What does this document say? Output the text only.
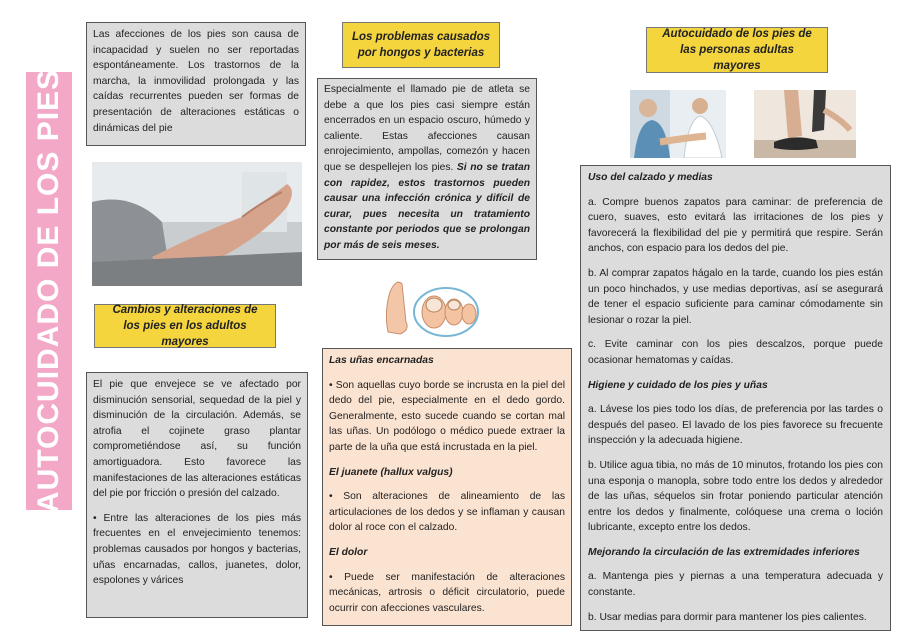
AUTOCUIDADO DE LOS PIES

Las afecciones de los pies son causa de incapacidad y suelen no ser reportadas espontáneamente. Los trastornos de la marcha, la inmovilidad prolongada y las caídas recurrentes pueden ser formas de presentación de alteraciones estáticas o dinámicas del pie

Cambios y alteraciones de los pies en los adultos mayores

El pie que envejece se ve afectado por disminución sensorial, sequedad de la piel y disminución de la circulación. Además, se atrofia el cojinete graso plantar comprometiéndose así, su función amortiguadora. Esto favorece las manifestaciones de las alteraciones estáticas del pie por fricción o presión del calzado.

• Entre las alteraciones de los pies más frecuentes en el envejecimiento tenemos: problemas causados por hongos y bacterias, uñas encarnadas, callos, juanetes, dolor, espolones y várices

Los problemas causados por hongos y bacterias

Especialmente el llamado pie de atleta se debe a que los pies casi siempre están encerrados en un espacio oscuro, húmedo y caliente. Estas afecciones causan enrojecimiento, ampollas, comezón y hacen que se despellejen los pies. Si no se tratan con rapidez, estos trastornos pueden causar una infección crónica y difícil de curar, pues necesita un tratamiento constante por periodos que se prolongan por más de seis meses.

Las uñas encarnadas

• Son aquellas cuyo borde se incrusta en la piel del dedo del pie, especialmente en el dedo gordo. Generalmente, esto sucede cuando se cortan mal las uñas. Un podólogo o médico puede extraer la parte de la uña que está incrustada en la piel.

El juanete (hallux valgus)

• Son alteraciones de alineamiento de las articulaciones de los dedos y se inflaman y causan dolor al roce con el calzado.

El dolor

• Puede ser manifestación de alteraciones mecánicas, artrosis o déficit circulatorio, puede ocurrir con afecciones vasculares.

Autocuidado de los pies de las personas adultas mayores

Uso del calzado y medias

a. Compre buenos zapatos para caminar: de preferencia de cuero, suaves, esto evitará las irritaciones de los pies y favorecerá la flexibilidad del pie y permitirá que respire. Serán anchos, con espacio para los dedos del pie.

b. Al comprar zapatos hágalo en la tarde, cuando los pies están un poco hinchados, y use medias deportivas, así se asegurará de tener el espacio suficiente para caminar cómodamente sin lesionar o rozar la piel.

c. Evite caminar con los pies descalzos, porque puede ocasionar hematomas y caídas.

Higiene y cuidado de los pies y uñas

a. Lávese los pies todo los días, de preferencia por las tardes o después del paseo. El lavado de los pies favorece su frecuente inspección y la adecuada higiene.

b. Utilice agua tibia, no más de 10 minutos, frotando los pies con una esponja o manopla, sobre todo entre los dedos y alrededor de las uñas, séquelos sin frotar poniendo particular atención entre los dedos y finalmente, colóquese una crema o loción lubricante, excepto entre los dedos.

Mejorando la circulación de las extremidades inferiores

a. Mantenga pies y piernas a una temperatura adecuada y constante.

b. Usar medias para dormir para mantener los pies calientes.
